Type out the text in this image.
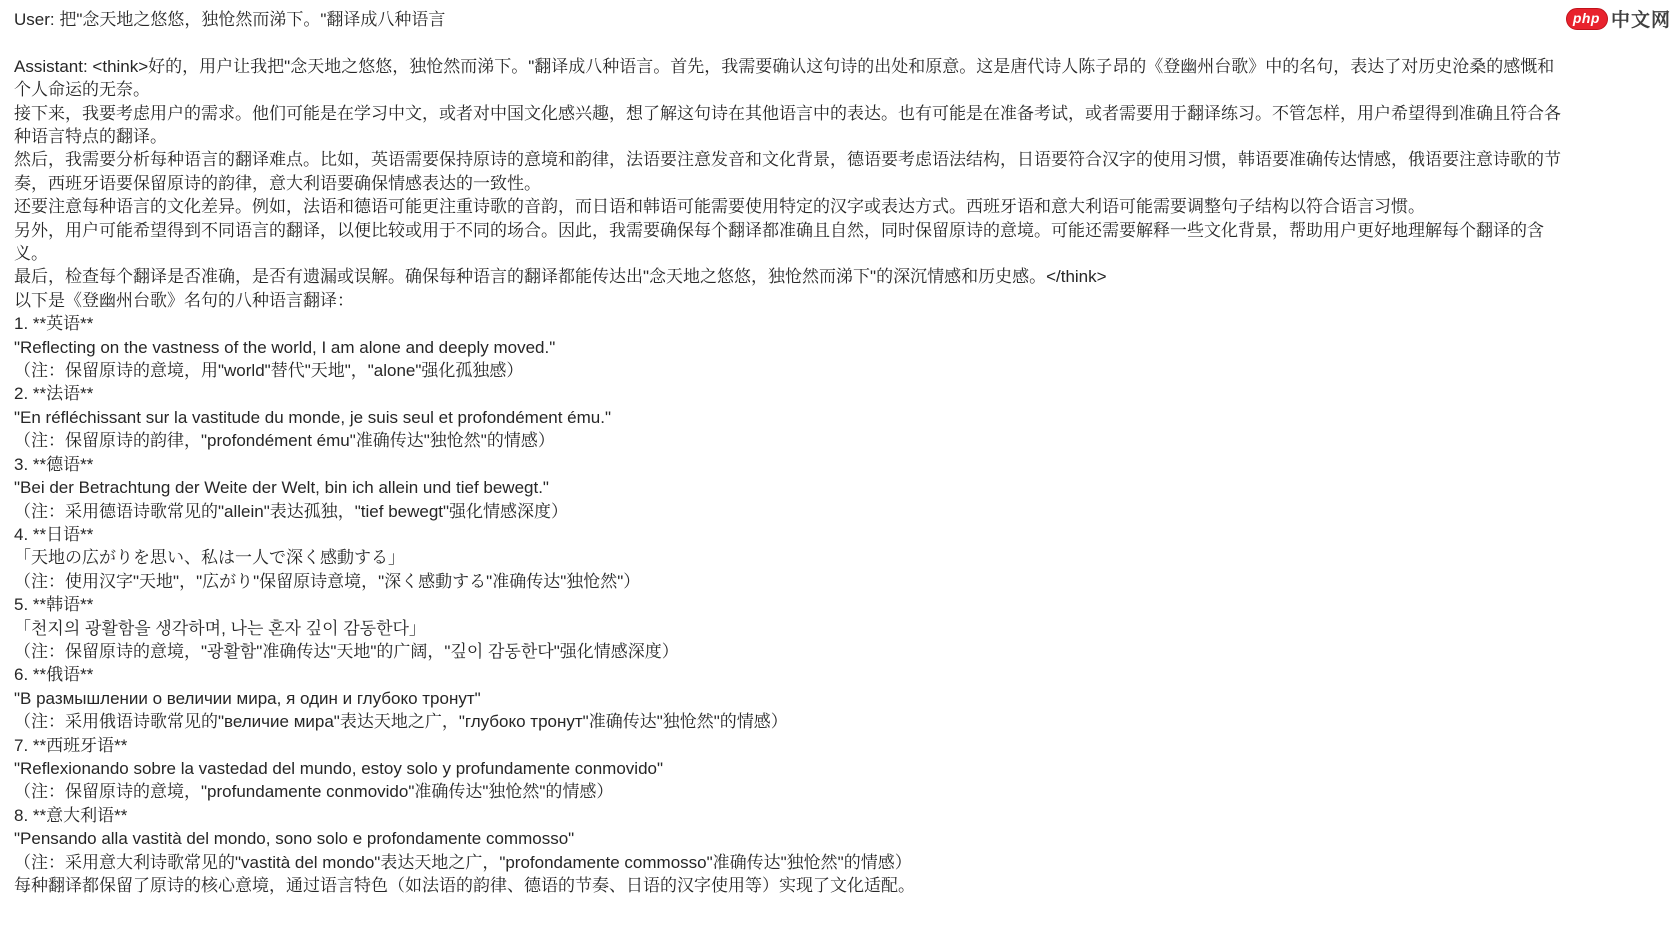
php 中文网
User: 把"念天地之悠悠，独怆然而涕下。"翻译成八种语言
Assistant: <think>好的，用户让我把"念天地之悠悠，独怆然而涕下。"翻译成八种语言。首先，我需要确认这句诗的出处和原意。这是唐代诗人陈子昂的《登幽州台歌》中的名句，表达了对历史沧桑的感慨和个人命运的无奈。
接下来，我要考虑用户的需求。他们可能是在学习中文，或者对中国文化感兴趣，想了解这句诗在其他语言中的表达。也有可能是在准备考试，或者需要用于翻译练习。不管怎样，用户希望得到准确且符合各种语言特点的翻译。
然后，我需要分析每种语言的翻译难点。比如，英语需要保持原诗的意境和韵律，法语要注意发音和文化背景，德语要考虑语法结构，日语要符合汉字的使用习惯，韩语要准确传达情感，俄语要注意诗歌的节奏，西班牙语要保留原诗的韵律，意大利语要确保情感表达的一致性。
还要注意每种语言的文化差异。例如，法语和德语可能更注重诗歌的音韵，而日语和韩语可能需要使用特定的汉字或表达方式。西班牙语和意大利语可能需要调整句子结构以符合语言习惯。
另外，用户可能希望得到不同语言的翻译，以便比较或用于不同的场合。因此，我需要确保每个翻译都准确且自然，同时保留原诗的意境。可能还需要解释一些文化背景，帮助用户更好地理解每个翻译的含义。
最后，检查每个翻译是否准确，是否有遗漏或误解。确保每种语言的翻译都能传达出"念天地之悠悠，独怆然而涕下"的深沉情感和历史感。</think>
以下是《登幽州台歌》名句的八种语言翻译：
1. **英语**
"Reflecting on the vastness of the world, I am alone and deeply moved."
（注：保留原诗的意境，用"world"替代"天地"，"alone"强化孤独感）
2. **法语**
"En réfléchissant sur la vastitude du monde, je suis seul et profondément ému."
（注：保留原诗的韵律，"profondément ému"准确传达"独怆然"的情感）
3. **德语**
"Bei der Betrachtung der Weite der Welt, bin ich allein und tief bewegt."
（注：采用德语诗歌常见的"allein"表达孤独，"tief bewegt"强化情感深度）
4. **日语**
「天地の広がりを思い、私は一人で深く感動する」
（注：使用汉字"天地"，"広がり"保留原诗意境，"深く感動する"准确传达"独怆然"）
5. **韩语**
「천지의 광활함을 생각하며, 나는 혼자 깊이 감동한다」
（注：保留原诗的意境，"광활함"准确传达"天地"的广阔，"깊이 감동한다"强化情感深度）
6. **俄语**
"В размышлении о величии мира, я один и глубоко тронут"
（注：采用俄语诗歌常见的"величие мира"表达天地之广，"глубоко тронут"准确传达"独怆然"的情感）
7. **西班牙语**
"Reflexionando sobre la vastedad del mundo, estoy solo y profundamente conmovido"
（注：保留原诗的意境，"profundamente conmovido"准确传达"独怆然"的情感）
8. **意大利语**
"Pensando alla vastità del mondo, sono solo e profondamente commosso"
（注：采用意大利诗歌常见的"vastità del mondo"表达天地之广，"profondamente commosso"准确传达"独怆然"的情感）
每种翻译都保留了原诗的核心意境，通过语言特色（如法语的韵律、德语的节奏、日语的汉字使用等）实现了文化适配。
